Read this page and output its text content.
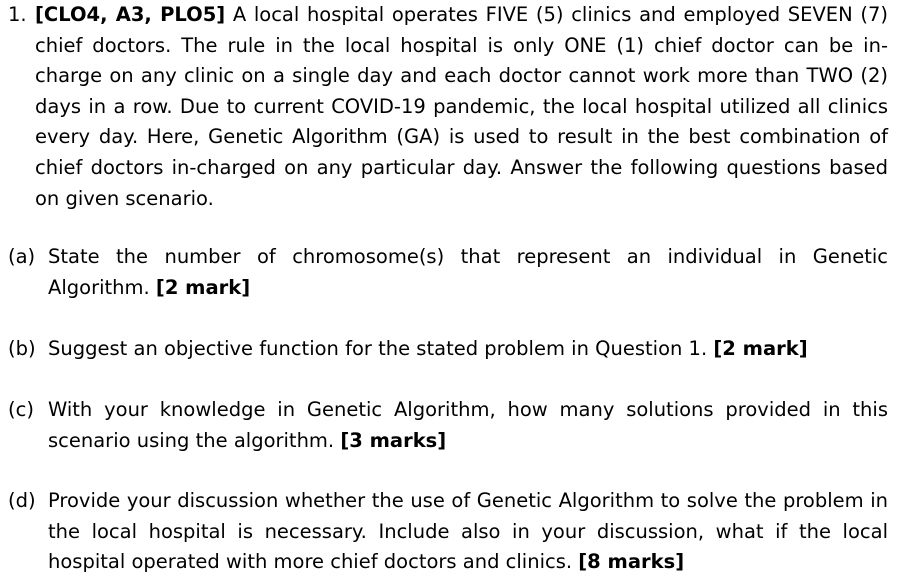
1. [CLO4, A3, PLO5] A local hospital operates FIVE (5) clinics and employed SEVEN (7) chief doctors. The rule in the local hospital is only ONE (1) chief doctor can be in-charge on any clinic on a single day and each doctor cannot work more than TWO (2) days in a row. Due to current COVID-19 pandemic, the local hospital utilized all clinics every day. Here, Genetic Algorithm (GA) is used to result in the best combination of chief doctors in-charged on any particular day. Answer the following questions based on given scenario.
(a) State the number of chromosome(s) that represent an individual in Genetic Algorithm. [2 mark]
(b) Suggest an objective function for the stated problem in Question 1. [2 mark]
(c) With your knowledge in Genetic Algorithm, how many solutions provided in this scenario using the algorithm. [3 marks]
(d) Provide your discussion whether the use of Genetic Algorithm to solve the problem in the local hospital is necessary. Include also in your discussion, what if the local hospital operated with more chief doctors and clinics. [8 marks]
